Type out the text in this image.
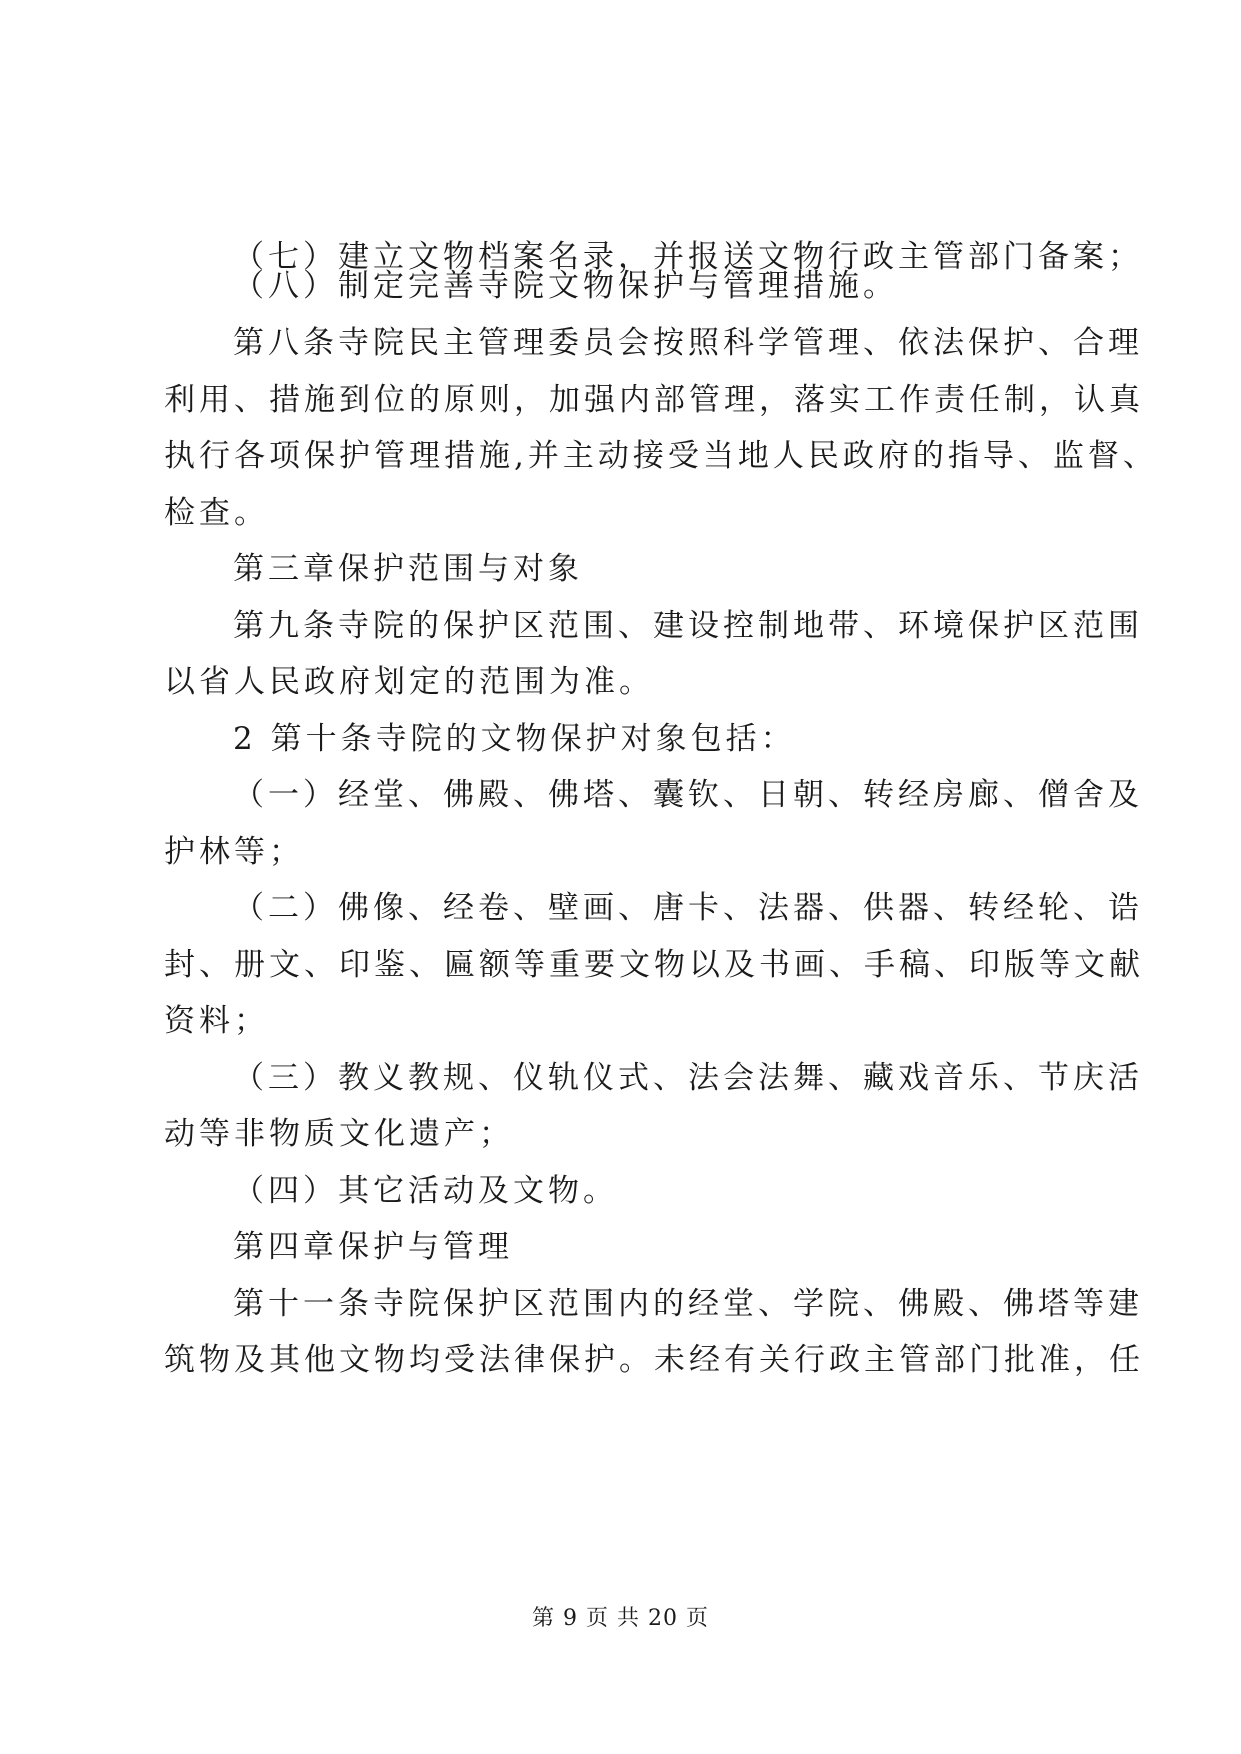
（七）建立文物档案名录，并报送文物行政主管部门备案；
（八）制定完善寺院文物保护与管理措施。
第八条寺院民主管理委员会按照科学管理、依法保护、合理
利用、措施到位的原则，加强内部管理，落实工作责任制，认真
执行各项保护管理措施,并主动接受当地人民政府的指导、监督、
检查。
第三章保护范围与对象
第九条寺院的保护区范围、建设控制地带、环境保护区范围
以省人民政府划定的范围为准。
2 第十条寺院的文物保护对象包括：
（一）经堂、佛殿、佛塔、囊钦、日朝、转经房廊、僧舍及
护林等；
（二）佛像、经卷、壁画、唐卡、法器、供器、转经轮、诰
封、册文、印鉴、匾额等重要文物以及书画、手稿、印版等文献
资料；
（三）教义教规、仪轨仪式、法会法舞、藏戏音乐、节庆活
动等非物质文化遗产；
（四）其它活动及文物。
第四章保护与管理
第十一条寺院保护区范围内的经堂、学院、佛殿、佛塔等建
筑物及其他文物均受法律保护。未经有关行政主管部门批准，任
第 9 页 共 20 页
